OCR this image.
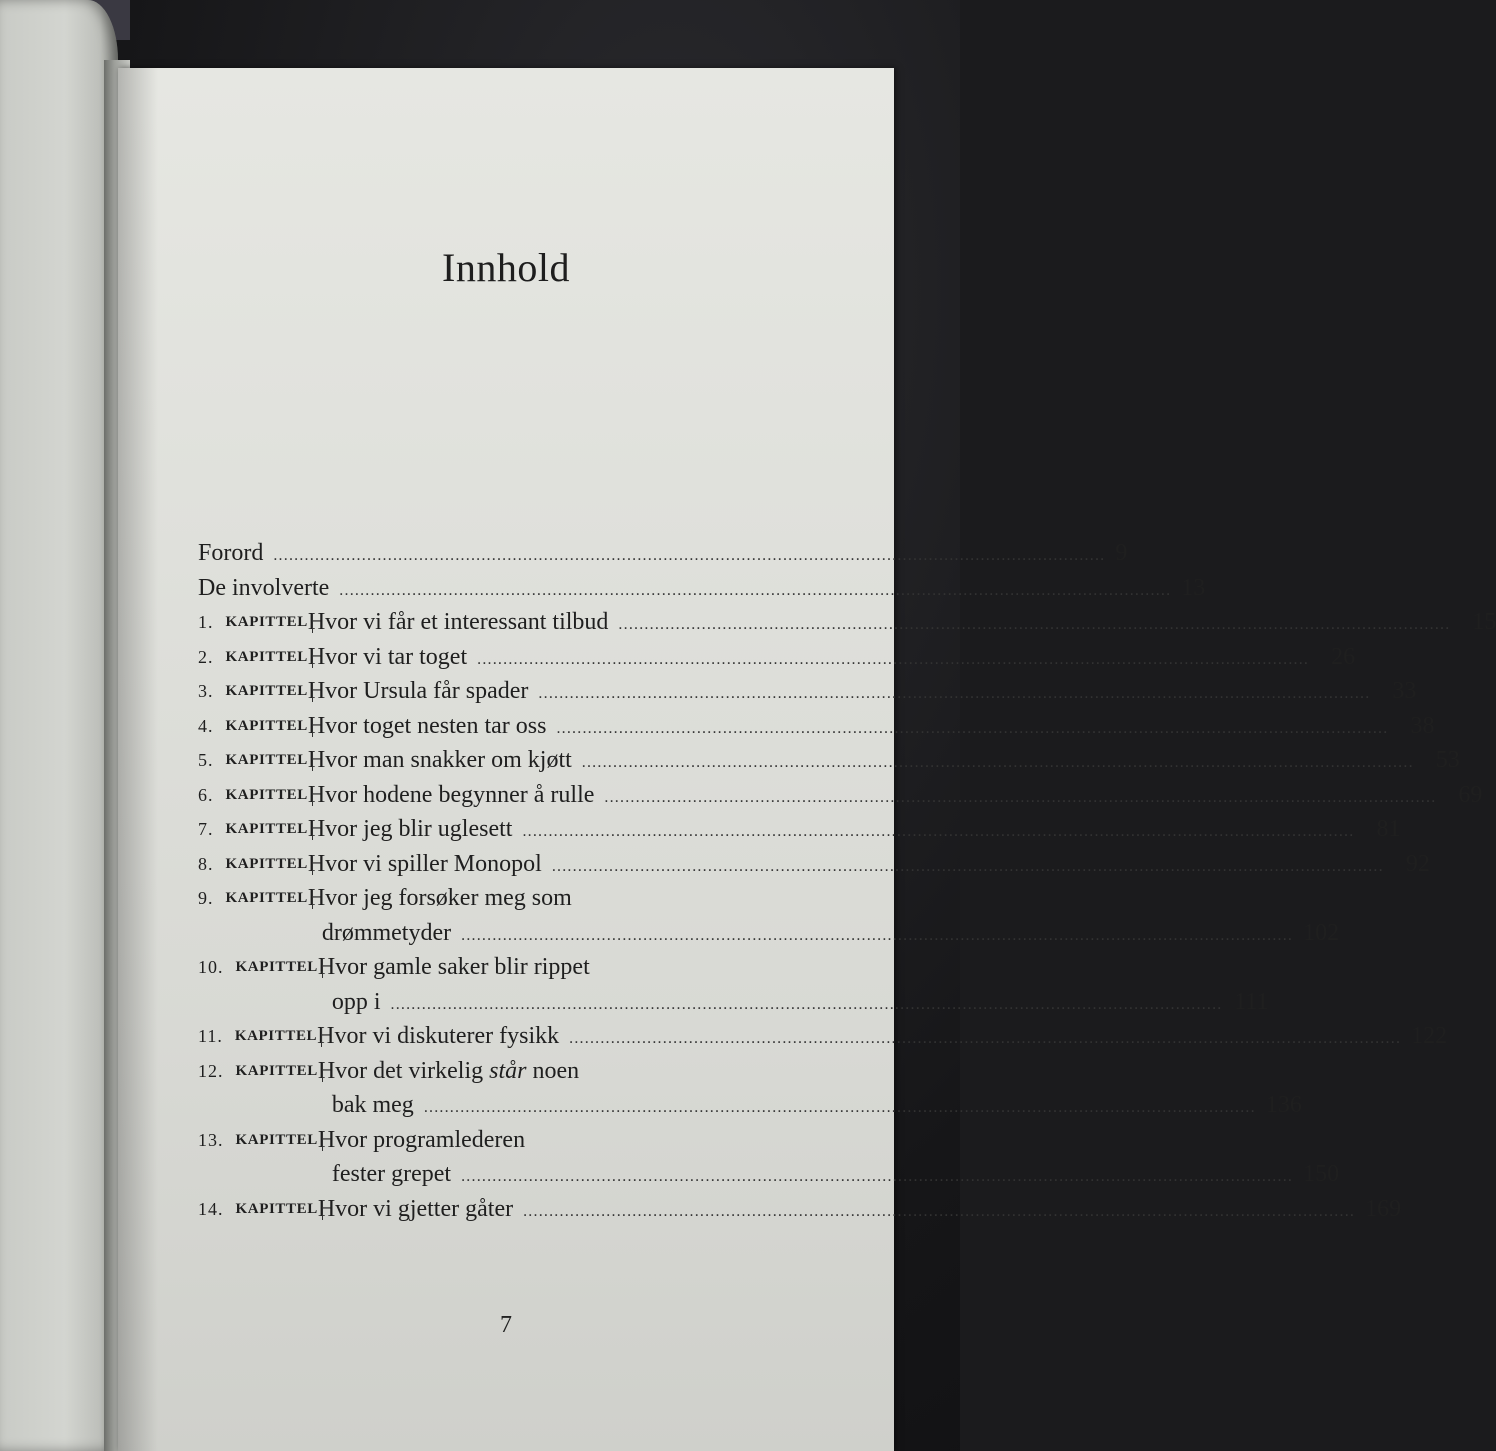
Innhold
Forord ................................................................................................................................................................ 9
De involverte ................................................................................................................................................................ 13
1. KAPITTEL Hvor vi får et interessant tilbud ................................................................................................................................................................ 15
2. KAPITTEL Hvor vi tar toget ................................................................................................................................................................ 26
3. KAPITTEL Hvor Ursula får spader ................................................................................................................................................................ 33
4. KAPITTEL Hvor toget nesten tar oss ................................................................................................................................................................ 38
5. KAPITTEL Hvor man snakker om kjøtt ................................................................................................................................................................ 53
6. KAPITTEL Hvor hodene begynner å rulle ................................................................................................................................................................ 69
7. KAPITTEL Hvor jeg blir uglesett ................................................................................................................................................................ 81
8. KAPITTEL Hvor vi spiller Monopol ................................................................................................................................................................ 92
9. KAPITTEL Hvor jeg forsøker meg som
drømmetyder ................................................................................................................................................................ 102
10. KAPITTEL Hvor gamle saker blir rippet
opp i ................................................................................................................................................................ 111
11. KAPITTEL Hvor vi diskuterer fysikk ................................................................................................................................................................ 122
12. KAPITTEL Hvor det virkelig står noen
bak meg ................................................................................................................................................................ 136
13. KAPITTEL Hvor programlederen
fester grepet ................................................................................................................................................................ 150
14. KAPITTEL Hvor vi gjetter gåter ................................................................................................................................................................ 169
7
